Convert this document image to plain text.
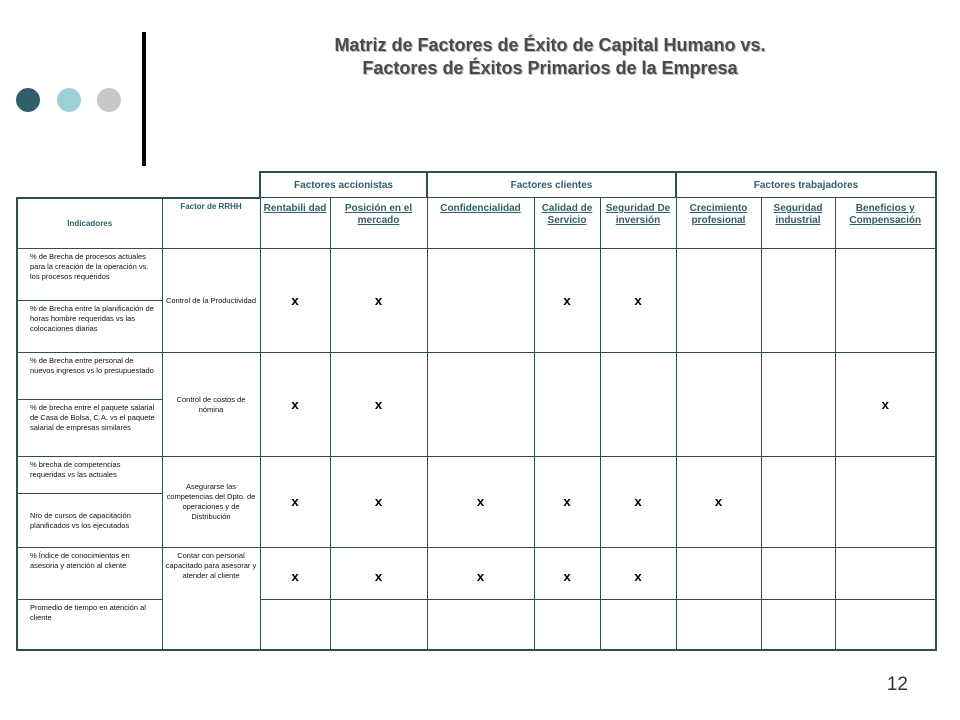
Matriz de Factores de Éxito de Capital Humano vs.
Factores de Éxitos Primarios de la Empresa
		Factores accionistas		Factores clientes			Factores trabajadores		
Indicadores	Factor de RRHH	Rentabili dad	Posición en el mercado	Confidencialidad	Calidad de Servicio	Seguridad De inversión	Crecimiento profesional	Seguridad industrial	Beneficios y Compensación
% de Brecha de procesos actuales para la creación de la operación vs. los procesos requeridos	Control de la Productividad	x	x		x	x			
% de Brecha entre la planificación de horas hombre requeridas vs las colocaciones diarias									
% de Brecha entre personal de nuevos ingresos vs lo presupuestado	Control de costos de nómina	x	x						x
% de brecha entre el paquete salarial de Casa de Bolsa, C.A. vs el paquete salarial de empresas similares									
% brecha de competencias requeridas vs las actuales	Asegurarse las competencias del Dpto. de operaciones y de Distribución	x	x	x	x	x	x		
Nro de cursos de capacitación planificados vs los ejecutados									
% Índice de conocimientos en asesoria y atención al cliente	Contar con personal capacitado para asesorar y atender al cliente	x	x	x	x	x			
Promedio de tiempo en atención al cliente									
12
